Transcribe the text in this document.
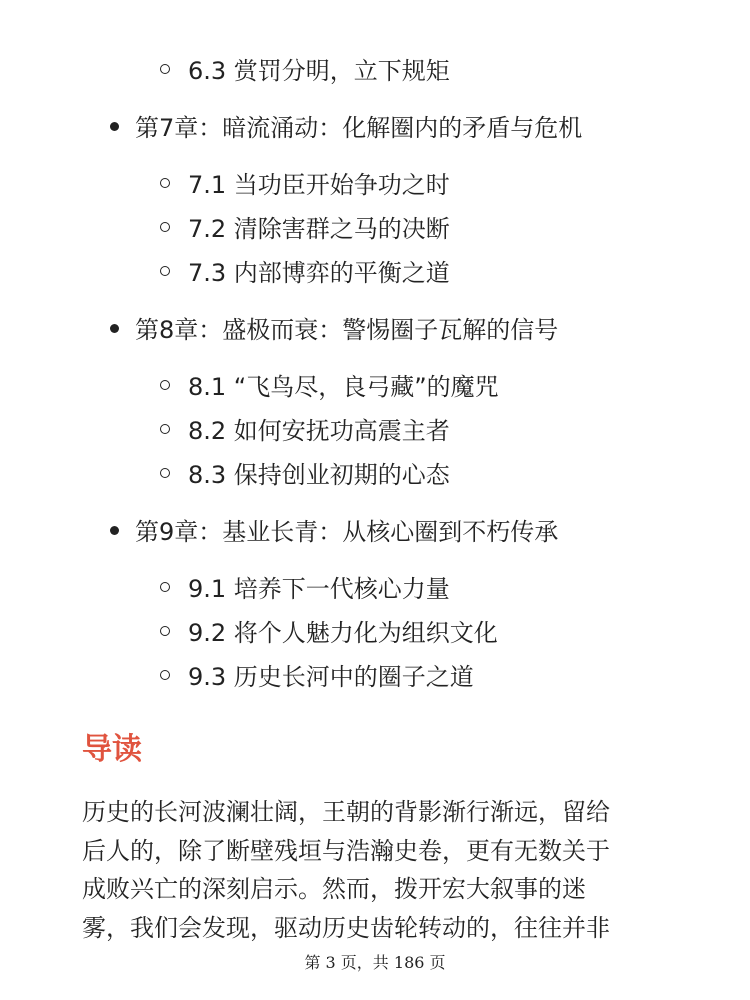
6.3 赏罚分明，立下规矩
第7章：暗流涌动：化解圈内的矛盾与危机
7.1 当功臣开始争功之时
7.2 清除害群之马的决断
7.3 内部博弈的平衡之道
第8章：盛极而衰：警惕圈子瓦解的信号
8.1 “飞鸟尽，良弓藏”的魔咒
8.2 如何安抚功高震主者
8.3 保持创业初期的心态
第9章：基业长青：从核心圈到不朽传承
9.1 培养下一代核心力量
9.2 将个人魅力化为组织文化
9.3 历史长河中的圈子之道
导读
历史的长河波澜壮阔，王朝的背影渐行渐远，留给
后人的，除了断壁残垣与浩瀚史卷，更有无数关于
成败兴亡的深刻启示。然而，拨开宏大叙事的迷
雾，我们会发现，驱动历史齿轮转动的，往往并非
第 3 页，共 186 页
